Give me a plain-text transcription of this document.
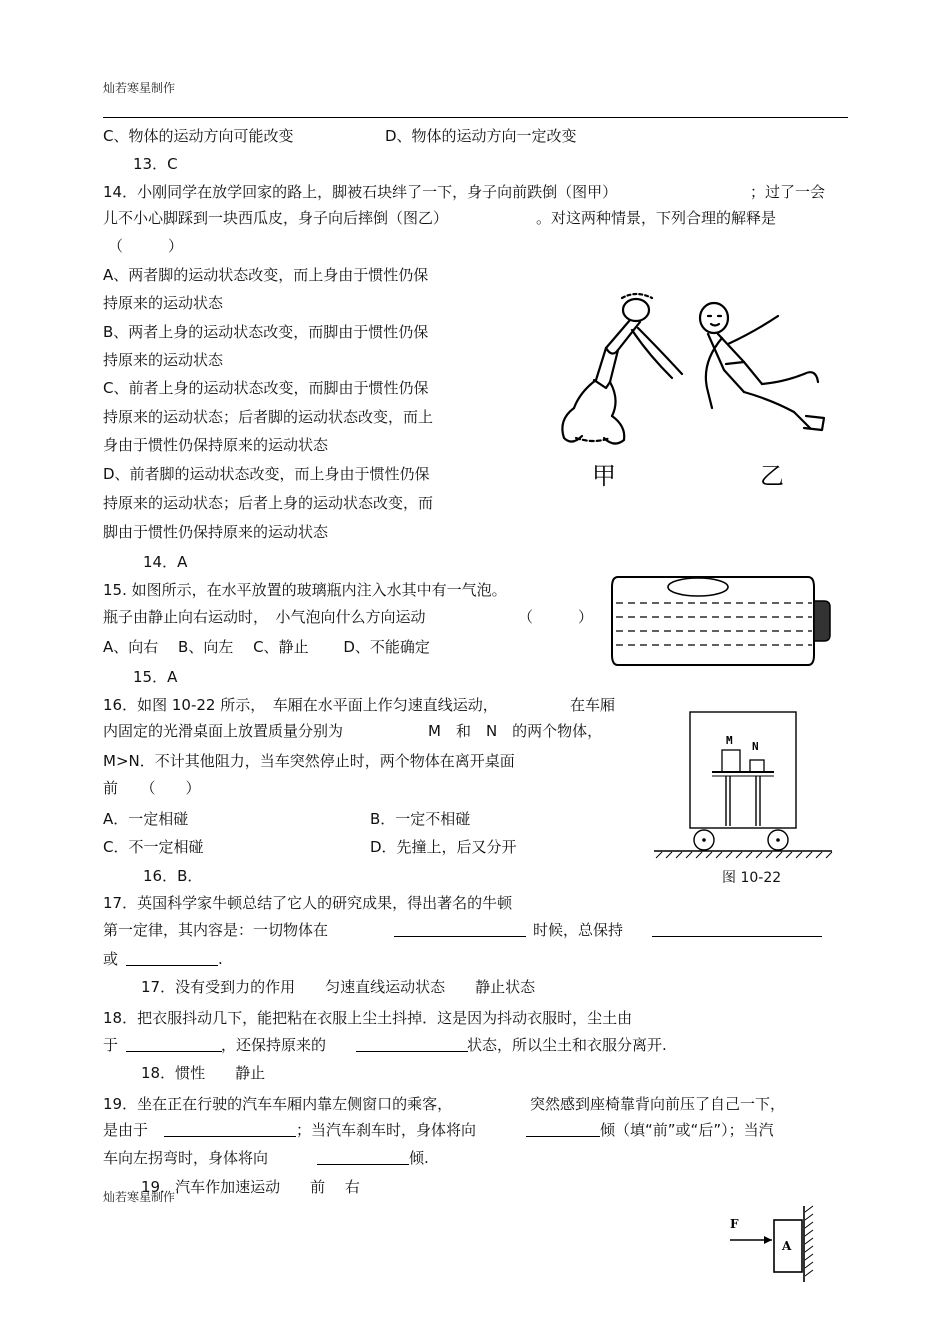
灿若寒星制作
C、物体的运动方向可能改变	D、物体的运动方向一定改变
13．C
14．小刚同学在放学回家的路上，脚被石块绊了一下，身子向前跌倒（图甲）	；过了一会
儿不小心脚踩到一块西瓜皮，身子向后摔倒（图乙）	。对这两种情景，下列合理的解释是
（　　　）
A、两者脚的运动状态改变，而上身由于惯性仍保
持原来的运动状态
B、两者上身的运动状态改变，而脚由于惯性仍保
持原来的运动状态
C、前者上身的运动状态改变，而脚由于惯性仍保
持原来的运动状态；后者脚的运动状态改变，而上
身由于惯性仍保持原来的运动状态
D、前者脚的运动状态改变，而上身由于惯性仍保
持原来的运动状态；后者上身的运动状态改变，而
脚由于惯性仍保持原来的运动状态
甲	乙
14．A
15. 如图所示，在水平放置的玻璃瓶内注入水其中有一气泡。
瓶子由静止向右运动时，　小气泡向什么方向运动	（　　　）
A、向右　 B、向左　 C、静止　　 D、不能确定
15．A
16．如图 10-22 所示，　车厢在水平面上作匀速直线运动，	在车厢
内固定的光滑桌面上放置质量分别为	M　和　N　的两个物体，
M>N．不计其他阻力，当车突然停止时，两个物体在离开桌面
前　　（　　）
A．一定相碰	B．一定不相碰
C．不一定相碰	D．先撞上，后又分开
16．B．
M N
图 10-22
17．英国科学家牛顿总结了它人的研究成果，得出著名的牛顿
第一定律，其内容是：一切物体在	时候，总保持
或	.
17．没有受到力的作用　　匀速直线运动状态　　静止状态
18．把衣服抖动几下，能把粘在衣服上尘土抖掉．这是因为抖动衣服时，尘土由
于	，还保持原来的	状态，所以尘土和衣服分离开.
18．惯性　　静止
19．坐在正在行驶的汽车车厢内靠左侧窗口的乘客，	突然感到座椅靠背向前压了自己一下，
是由于	；当汽车刹车时，身体将向	倾（填“前”或“后”）；当汽
车向左拐弯时，身体将向	倾.
19．汽车作加速运动　　前　 右
灿若寒星制作
F
A
